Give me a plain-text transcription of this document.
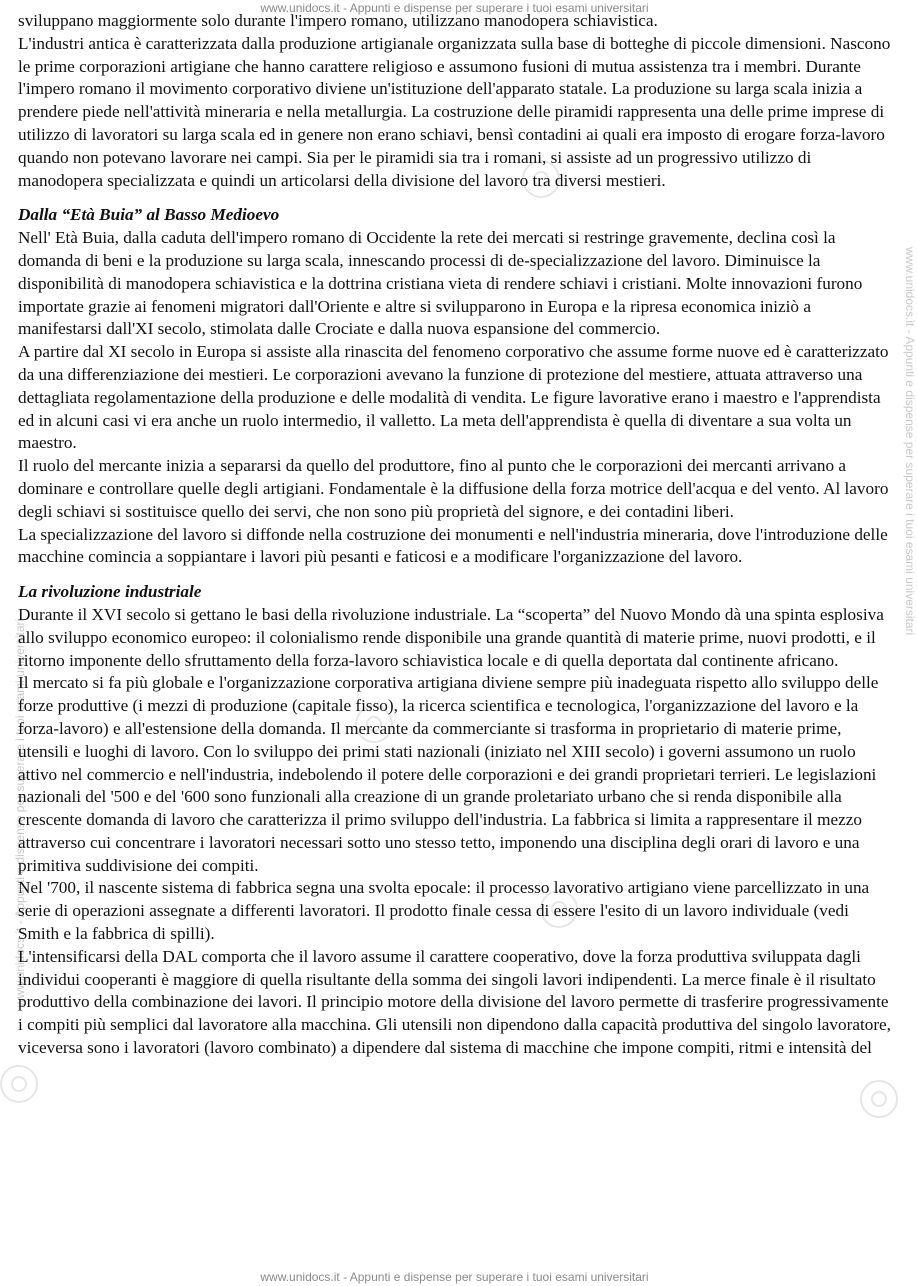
www.unidocs.it - Appunti e dispense per superare i tuoi esami universitari
www.unidocs.it - Appunti e dispense per superare i tuoi esami universitari
www.unidocs.it - Appunti e dispense per superare i tuoi esami universitari

sviluppano maggiormente solo durante l'impero romano, utilizzano manodopera schiavistica.

L'industri antica è caratterizzata dalla produzione artigianale organizzata sulla base di botteghe di piccole dimensioni. Nascono le prime corporazioni artigiane che hanno carattere religioso e assumono fusioni di mutua assistenza tra i membri. Durante l'impero romano il movimento corporativo diviene un'istituzione dell'apparato statale. La produzione su larga scala inizia a prendere piede nell'attività mineraria e nella metallurgia. La costruzione delle piramidi rappresenta una delle prime imprese di utilizzo di lavoratori su larga scala ed in genere non erano schiavi, bensì contadini ai quali era imposto di erogare forza-lavoro quando non potevano lavorare nei campi. Sia per le piramidi sia tra i romani, si assiste ad un progressivo utilizzo di manodopera specializzata e quindi un articolarsi della divisione del lavoro tra diversi mestieri.

Dalla “Età Buia” al Basso Medioevo

Nell' Età Buia, dalla caduta dell'impero romano di Occidente la rete dei mercati si restringe gravemente, declina così la domanda di beni e la produzione su larga scala, innescando processi di de-specializzazione del lavoro. Diminuisce la disponibilità di manodopera schiavistica e la dottrina cristiana vieta di rendere schiavi i cristiani. Molte innovazioni furono importate grazie ai fenomeni migratori dall'Oriente e altre si svilupparono in Europa e la ripresa economica iniziò a manifestarsi dall'XI secolo, stimolata dalle Crociate e dalla nuova espansione del commercio.

A partire dal XI secolo in Europa si assiste alla rinascita del fenomeno corporativo che assume forme nuove ed è caratterizzato da una differenziazione dei mestieri. Le corporazioni avevano la funzione di protezione del mestiere, attuata attraverso una dettagliata regolamentazione della produzione e delle modalità di vendita. Le figure lavorative erano i maestro e l'apprendista ed in alcuni casi vi era anche un ruolo intermedio, il valletto. La meta dell'apprendista è quella di diventare a sua volta un maestro.

Il ruolo del mercante inizia a separarsi da quello del produttore, fino al punto che le corporazioni dei mercanti arrivano a dominare e controllare quelle degli artigiani. Fondamentale è la diffusione della forza motrice dell'acqua e del vento. Al lavoro degli schiavi si sostituisce quello dei servi, che non sono più proprietà del signore, e dei contadini liberi.

La specializzazione del lavoro si diffonde nella costruzione dei monumenti e nell'industria mineraria, dove l'introduzione delle macchine comincia a soppiantare i lavori più pesanti e faticosi e a modificare l'organizzazione del lavoro.

La rivoluzione industriale

Durante il XVI secolo si gettano le basi della rivoluzione industriale. La “scoperta” del Nuovo Mondo dà una spinta esplosiva allo sviluppo economico europeo: il colonialismo rende disponibile una grande quantità di materie prime, nuovi prodotti, e il ritorno imponente dello sfruttamento della forza-lavoro schiavistica locale e di quella deportata dal continente africano.

Il mercato si fa più globale e l'organizzazione corporativa artigiana diviene sempre più inadeguata rispetto allo sviluppo delle forze produttive (i mezzi di produzione (capitale fisso), la ricerca scientifica e tecnologica, l'organizzazione del lavoro e la forza-lavoro) e all'estensione della domanda. Il mercante da commerciante si trasforma in proprietario di materie prime, utensili e luoghi di lavoro. Con lo sviluppo dei primi stati nazionali (iniziato nel XIII secolo) i governi assumono un ruolo attivo nel commercio e nell'industria, indebolendo il potere delle corporazioni e dei grandi proprietari terrieri. Le legislazioni nazionali del '500 e del '600 sono funzionali alla creazione di un grande proletariato urbano che si renda disponibile alla crescente domanda di lavoro che caratterizza il primo sviluppo dell'industria. La fabbrica si limita a rappresentare il mezzo attraverso cui concentrare i lavoratori necessari sotto uno stesso tetto, imponendo una disciplina degli orari di lavoro e una primitiva suddivisione dei compiti.

Nel '700, il nascente sistema di fabbrica segna una svolta epocale: il processo lavorativo artigiano viene parcellizzato in una serie di operazioni assegnate a differenti lavoratori. Il prodotto finale cessa di essere l'esito di un lavoro individuale (vedi Smith e la fabbrica di spilli).

L'intensificarsi della DAL comporta che il lavoro assume il carattere cooperativo, dove la forza produttiva sviluppata dagli individui cooperanti è maggiore di quella risultante della somma dei singoli lavori indipendenti. La merce finale è il risultato produttivo della combinazione dei lavori. Il principio motore della divisione del lavoro permette di trasferire progressivamente i compiti più semplici dal lavoratore alla macchina. Gli utensili non dipendono dalla capacità produttiva del singolo lavoratore, viceversa sono i lavoratori (lavoro combinato) a dipendere dal sistema di macchine che impone compiti, ritmi e intensità del

www.unidocs.it - Appunti e dispense per superare i tuoi esami universitari
